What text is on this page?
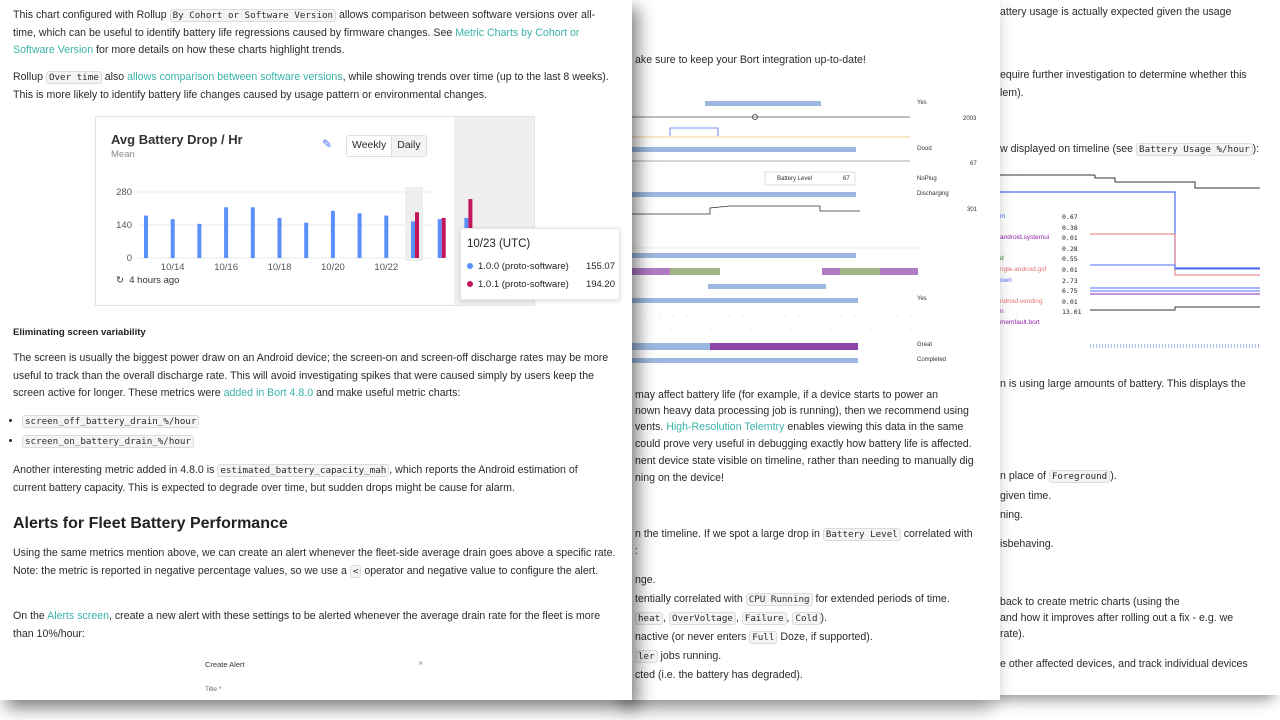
attery usage is actually expected given the usage
equire further investigation to determine whether this
lem).
w displayed on timeline (see Battery Usage %/hour ):
m	0.67
0.38
android.systemui 0.01
0.28
d	0.55
ngle.android.gsf 0.01
own	2.73
6.75
ndroid.vending	0.01
n	13.01
memfault.bort
n is using large amounts of battery. This displays the
n place of Foreground ).
given time.
ning.
isbehaving.
back to create metric charts (using the
and how it improves after rolling out a fix - e.g. we
rate).
e other affected devices, and track individual devices
ake sure to keep your Bort integration up-to-date!
Yes
Good
NoPlug
Discharging
Yes
Great
Completed
2003
67
301
Battery Level	67
may affect battery life (for example, if a device starts to power an
nown heavy data processing job is running), then we recommend using
vents. High-Resolution Telemtry enables viewing this data in the same
could prove very useful in debugging exactly how battery life is affected.
nent device state visible on timeline, rather than needing to manually dig
ning on the device!
n the timeline. If we spot a large drop in Battery Level correlated with
:
nge.
tentially correlated with CPU Running for extended periods of time.
heat , OverVoltage , Failure , Cold ).
nactive (or never enters Full Doze, if supported).
ler jobs running.
cted (i.e. the battery has degraded).

This chart configured with Rollup By Cohort or Software Version allows comparison between software versions over all-time, which can be useful to identify battery life regressions caused by firmware changes. See Metric Charts by Cohort or Software Version for more details on how these charts highlight trends.

Rollup Over time also allows comparison between software versions, while showing trends over time (up to the last 8 weeks). This is more likely to identify battery life changes caused by usage pattern or environmental changes.

Avg Battery Drop / Hr
Mean
✎	Weekly	Daily
280
140
0
10/14	10/16	10/18	10/20	10/22
↻ 4 hours ago
10/23 (UTC)
1.0.0 (proto-software) 155.07
1.0.1 (proto-software) 194.20
Eliminating screen variability

The screen is usually the biggest power draw on an Android device; the screen-on and screen-off discharge rates may be more useful to track than the overall discharge rate. This will avoid investigating spikes that were caused simply by users keep the screen active for longer. These metrics were added in Bort 4.8.0 and make useful metric charts:

• screen_off_battery_drain_%/hour
• screen_on_battery_drain_%/hour

Another interesting metric added in 4.8.0 is estimated_battery_capacity_mah , which reports the Android estimation of current battery capacity. This is expected to degrade over time, but sudden drops might be cause for alarm.

Alerts for Fleet Battery Performance

Using the same metrics mention above, we can create an alert whenever the fleet-side average drain goes above a specific rate. Note: the metric is reported in negative percentage values, so we use a < operator and negative value to configure the alert.

On the Alerts screen, create a new alert with these settings to be alerted whenever the average drain rate for the fleet is more than 10%/hour:

Create Alert	×
Title *
